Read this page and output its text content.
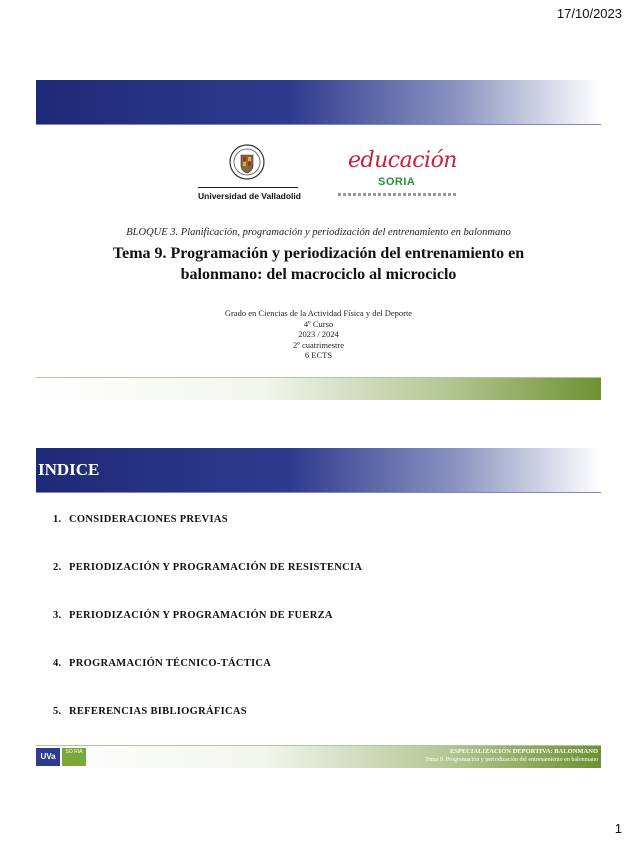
17/10/2023
Universidad de Valladolid
educación
SORIA
BLOQUE 3. Planificación, programación y periodización del entrenamiento en balonmano
Tema 9. Programación y periodización del entrenamiento en balonmano: del macrociclo al microciclo
Grado en Ciencias de la Actividad Física y del Deporte
4º Curso
2023 / 2024
2º cuatrimestre
6 ECTS
INDICE
1. CONSIDERACIONES PREVIAS
2. PERIODIZACIÓN Y PROGRAMACIÓN DE RESISTENCIA
3. PERIODIZACIÓN Y PROGRAMACIÓN DE FUERZA
4. PROGRAMACIÓN TÉCNICO-TÁCTICA
5. REFERENCIAS BIBLIOGRÁFICAS
UVa	SO RIA	ESPECIALIZACIÓN DEPORTIVA: BALONMANO
Tema 9. Programación y periodización del entrenamiento en balonmano
1
